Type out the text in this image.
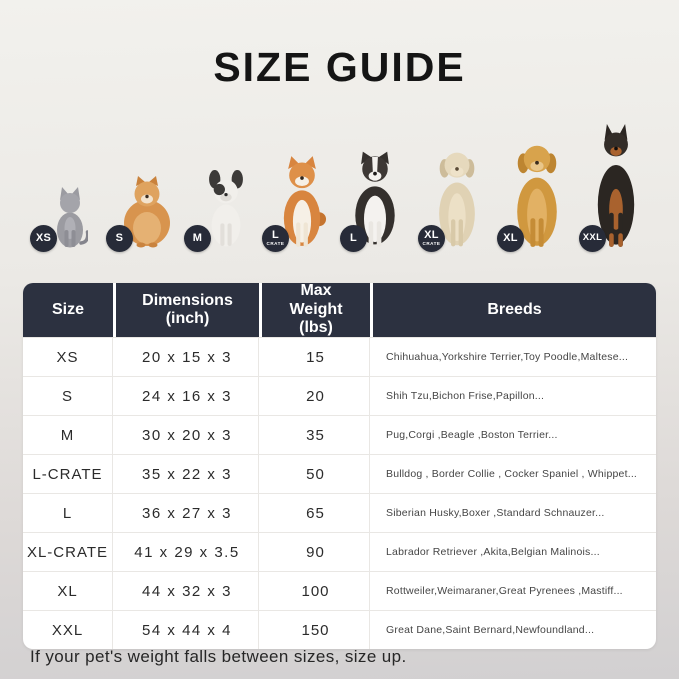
SIZE GUIDE
XS	S	M	L
CRATE
L	XL
CRATE
XL	XXL
Size
Dimensions (inch)
Max Weight (lbs)
Breeds
XS	20 x 15 x 3	15	Chihuahua,Yorkshire Terrier,Toy Poodle,Maltese...
S	24 x 16 x 3	20	Shih Tzu,Bichon Frise,Papillon...
M	30 x 20 x 3	35	Pug,Corgi ,Beagle ,Boston Terrier...
L-CRATE	35 x 22 x 3	50	Bulldog , Border Collie , Cocker Spaniel , Whippet...
L	36 x 27 x 3	65	Siberian Husky,Boxer ,Standard Schnauzer...
XL-CRATE	41 x 29 x 3.5	90	Labrador Retriever ,Akita,Belgian Malinois...
XL	44 x 32 x 3	100	Rottweiler,Weimaraner,Great Pyrenees ,Mastiff...
XXL	54 x 44 x 4	150	Great Dane,Saint Bernard,Newfoundland...
If your pet's weight falls between sizes, size up.
